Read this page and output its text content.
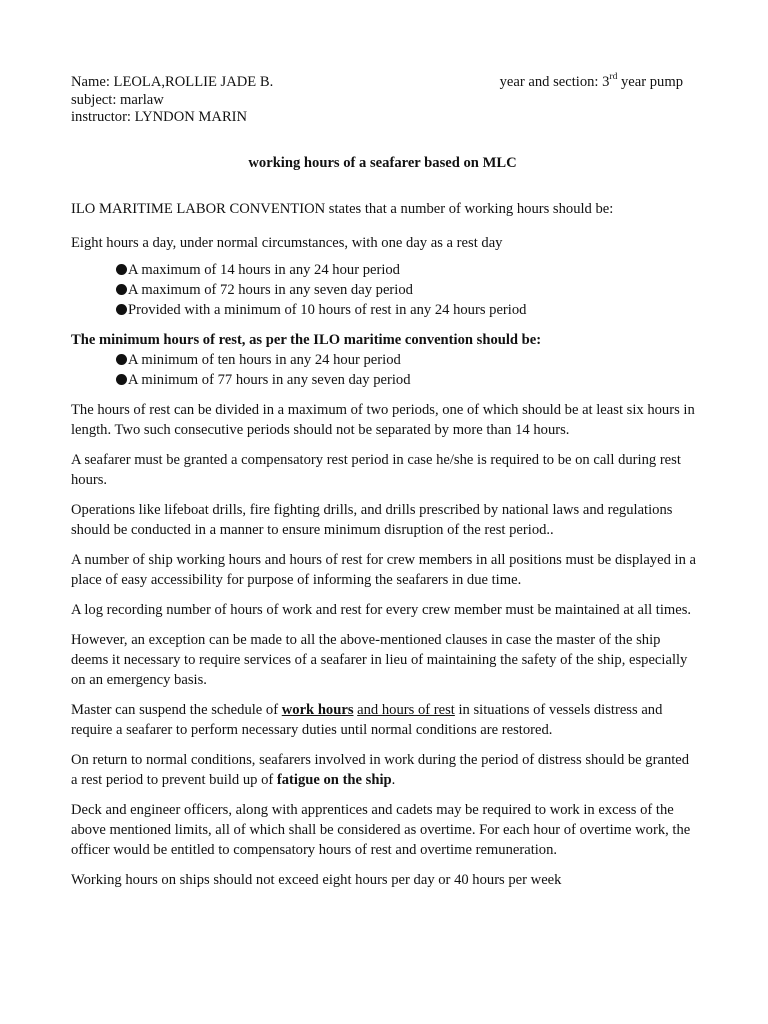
Name: LEOLA,ROLLIE JADE B.	year and section: 3rd year pump
subject: marlaw
instructor: LYNDON MARIN
working hours of a seafarer based on MLC

ILO MARITIME LABOR CONVENTION states that a number of working hours should be:

Eight hours a day, under normal circumstances, with one day as a rest day

A maximum of 14 hours in any 24 hour period
A maximum of 72 hours in any seven day period
Provided with a minimum of 10 hours of rest in any 24 hours period
The minimum hours of rest, as per the ILO maritime convention should be:
A minimum of ten hours in any 24 hour period
A minimum of 77 hours in any seven day period

The hours of rest can be divided in a maximum of two periods, one of which should be at least six hours in length. Two such consecutive periods should not be separated by more than 14 hours.

A seafarer must be granted a compensatory rest period in case he/she is required to be on call during rest hours.

Operations like lifeboat drills, fire fighting drills, and drills prescribed by national laws and regulations should be conducted in a manner to ensure minimum disruption of the rest period..

A number of ship working hours and hours of rest for crew members in all positions must be displayed in a place of easy accessibility for purpose of informing the seafarers in due time.

A log recording number of hours of work and rest for every crew member must be maintained at all times.

However, an exception can be made to all the above-mentioned clauses in case the master of the ship deems it necessary to require services of a seafarer in lieu of maintaining the safety of the ship, especially on an emergency basis.

Master can suspend the schedule of work hours and hours of rest in situations of vessels distress and require a seafarer to perform necessary duties until normal conditions are restored.

On return to normal conditions, seafarers involved in work during the period of distress should be granted a rest period to prevent build up of fatigue on the ship.

Deck and engineer officers, along with apprentices and cadets may be required to work in excess of the above mentioned limits, all of which shall be considered as overtime. For each hour of overtime work, the officer would be entitled to compensatory hours of rest and overtime remuneration.

Working hours on ships should not exceed eight hours per day or 40 hours per week
